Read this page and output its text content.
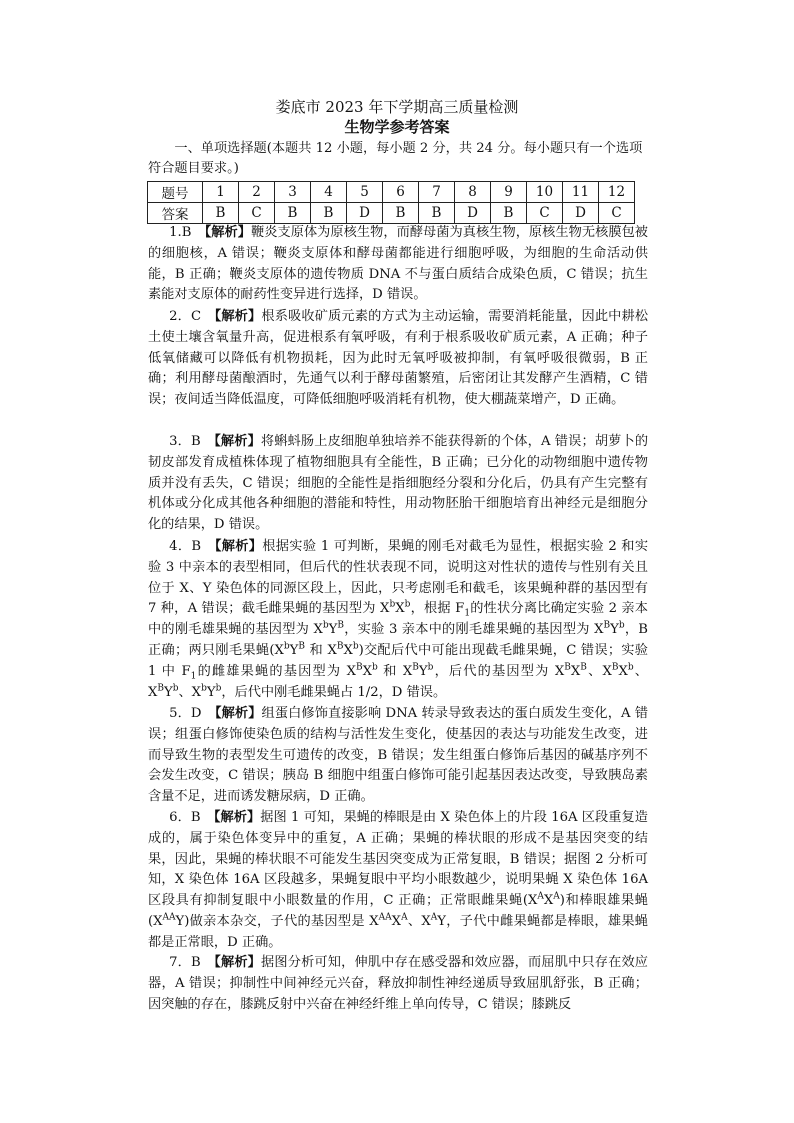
娄底市 2023 年下学期高三质量检测
生物学参考答案
一、单项选择题(本题共 12 小题，每小题 2 分，共 24 分。每小题只有一个选项符合题目要求。)
题号	1	2	3	4	5	6	7	8	9	10	11	12
答案	B	C	B	B	D	B	B	D	B	C	D	C
1.B　 【解析】鞭炎支原体为原核生物，而酵母菌为真核生物，原核生物无核膜包被的细胞核，A 错误；鞭炎支原体和酵母菌都能进行细胞呼吸，为细胞的生命活动供能，B 正确；鞭炎支原体的遗传物质 DNA 不与蛋白质结合成染色质，C 错误；抗生素能对支原体的耐药性变异进行选择，D 错误。
2．C　 【解析】根系吸收矿质元素的方式为主动运输，需要消耗能量，因此中耕松土使土壤含氧量升高，促进根系有氧呼吸，有利于根系吸收矿质元素，A 正确；种子低氧储藏可以降低有机物损耗，因为此时无氧呼吸被抑制，有氧呼吸很微弱，B 正确；利用酵母菌酿酒时，先通气以利于酵母菌繁殖，后密闭让其发酵产生酒精，C 错误；夜间适当降低温度，可降低细胞呼吸消耗有机物，使大棚蔬菜增产，D 正确。
3．B　 【解析】将蝌蚪肠上皮细胞单独培养不能获得新的个体，A 错误；胡萝卜的韧皮部发育成植株体现了植物细胞具有全能性，B 正确；已分化的动物细胞中遗传物质并没有丢失，C 错误；细胞的全能性是指细胞经分裂和分化后，仍具有产生完整有机体或分化成其他各种细胞的潜能和特性，用动物胚胎干细胞培育出神经元是细胞分化的结果，D 错误。
4．B　 【解析】根据实验 1 可判断，果蝇的刚毛对截毛为显性，根据实验 2 和实验 3 中亲本的表型相同，但后代的性状表现不同，说明这对性状的遗传与性别有关且位于 X、Y 染色体的同源区段上，因此，只考虑刚毛和截毛，该果蝇种群的基因型有 7 种，A 错误；截毛雌果蝇的基因型为 $X^bX^b$，根据 $F_1$的性状分离比确定实验 2 亲本中的刚毛雄果蝇的基因型为 $X^bY^B$，实验 3 亲本中的刚毛雄果蝇的基因型为 $X^BY^b$，B 正确；两只刚毛果蝇($X^bY^B$ 和 $X^BX^b$)交配后代中可能出现截毛雌果蝇，C 错误；实验 1 中 $F_1$的雌雄果蝇的基因型为 $X^BX^b$ 和 $X^BY^b$，后代的基因型为 $X^BX^B$、$X^BX^b$、$X^BY^b$、$X^bY^b$，后代中刚毛雌果蝇占 1/2，D 错误。
5．D　 【解析】组蛋白修饰直接影响 DNA 转录导致表达的蛋白质发生变化，A 错误；组蛋白修饰使染色质的结构与活性发生变化，使基因的表达与功能发生改变，进而导致生物的表型发生可遗传的改变，B 错误；发生组蛋白修饰后基因的碱基序列不会发生改变，C 错误；胰岛 B 细胞中组蛋白修饰可能引起基因表达改变，导致胰岛素含量不足，进而诱发糖尿病，D 正确。
6．B　 【解析】据图 1 可知，果蝇的棒眼是由 X 染色体上的片段 16A 区段重复造成的，属于染色体变异中的重复，A 正确；果蝇的棒状眼的形成不是基因突变的结果，因此，果蝇的棒状眼不可能发生基因突变成为正常复眼，B 错误；据图 2 分析可知，X 染色体 16A 区段越多，果蝇复眼中平均小眼数越少，说明果蝇 X 染色体 16A 区段具有抑制复眼中小眼数量的作用，C 正确；正常眼雌果蝇$(X^AX^A)$和棒眼雄果蝇$(X^{AA}Y)$做亲本杂交，子代的基因型是 $X^{AA}X^A$、$X^AY$，子代中雌果蝇都是棒眼，雄果蝇都是正常眼，D 正确。
7．B　 【解析】据图分析可知，伸肌中存在感受器和效应器，而屈肌中只存在效应器，A 错误；抑制性中间神经元兴奋，释放抑制性神经递质导致屈肌舒张，B 正确；因突触的存在，膝跳反射中兴奋在神经纤维上单向传导，C 错误；膝跳反
